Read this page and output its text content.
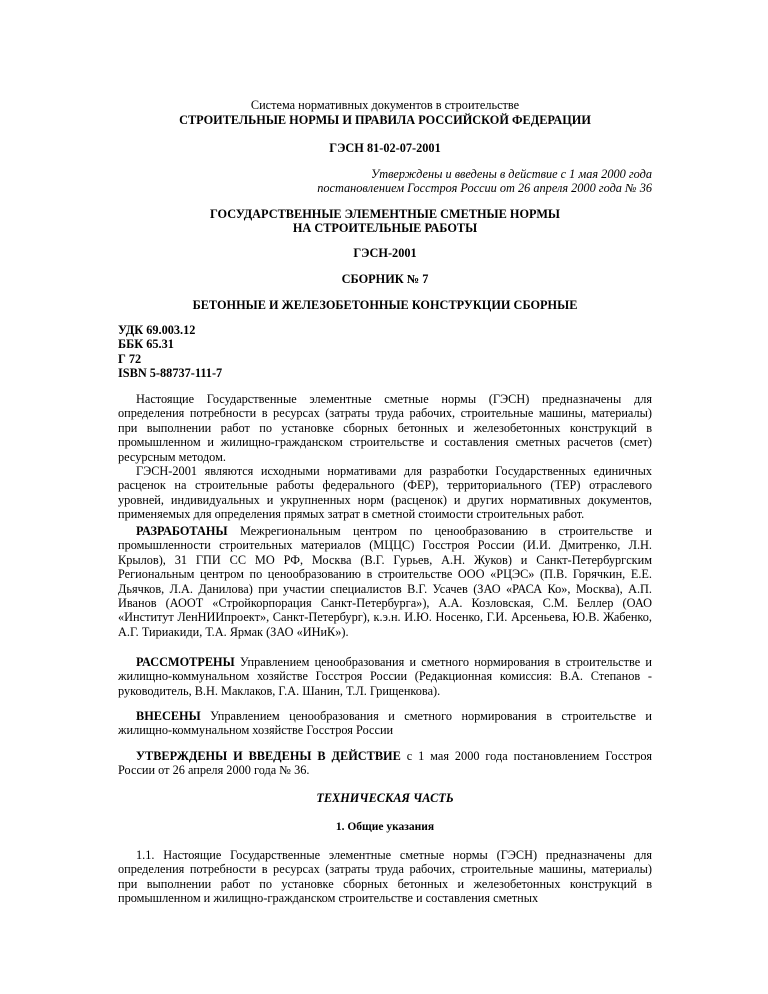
Система нормативных документов в строительстве
СТРОИТЕЛЬНЫЕ НОРМЫ И ПРАВИЛА РОССИЙСКОЙ ФЕДЕРАЦИИ
ГЭСН 81-02-07-2001
Утверждены и введены в действие с 1 мая 2000 года
постановлением Госстроя России от 26 апреля 2000 года № 36
ГОСУДАРСТВЕННЫЕ ЭЛЕМЕНТНЫЕ СМЕТНЫЕ НОРМЫ
НА СТРОИТЕЛЬНЫЕ РАБОТЫ
ГЭСН-2001
СБОРНИК № 7
БЕТОННЫЕ И ЖЕЛЕЗОБЕТОННЫЕ КОНСТРУКЦИИ СБОРНЫЕ
УДК 69.003.12
ББК 65.31
Г 72
ISBN 5-88737-111-7

Настоящие Государственные элементные сметные нормы (ГЭСН) предназначены для определения потребности в ресурсах (затраты труда рабочих, строительные машины, материалы) при выполнении работ по установке сборных бетонных и железобетонных конструкций в промышленном и жилищно-гражданском строительстве и составления сметных расчетов (смет) ресурсным методом.

ГЭСН-2001 являются исходными нормативами для разработки Государственных единичных расценок на строительные работы федерального (ФЕР), территориального (ТЕР) отраслевого уровней, индивидуальных и укрупненных норм (расценок) и других нормативных документов, применяемых для определения прямых затрат в сметной стоимости строительных работ.

РАЗРАБОТАНЫ Межрегиональным центром по ценообразованию в строительстве и промышленности строительных материалов (МЦЦС) Госстроя России (И.И. Дмитренко, Л.Н. Крылов), 31 ГПИ СС МО РФ, Москва (В.Г. Гурьев, А.Н. Жуков) и Санкт-Петербургским Региональным центром по ценообразованию в строительстве ООО «РЦЭС» (П.В. Горячкин, Е.Е. Дьячков, Л.А. Данилова) при участии специалистов В.Г. Усачев (ЗАО «РАСА Ко», Москва), А.П. Иванов (АООТ «Стройкорпорация Санкт-Петербурга»), А.А. Козловская, С.М. Беллер (ОАО «Институт ЛенНИИпроект», Санкт-Петербург), к.э.н. И.Ю. Носенко, Г.И. Арсеньева, Ю.В. Жабенко, А.Г. Тириакиди, Т.А. Ярмак (ЗАО «ИНиК»).

РАССМОТРЕНЫ Управлением ценообразования и сметного нормирования в строительстве и жилищно-коммунальном хозяйстве Госстроя России (Редакционная комиссия: В.А. Степанов - руководитель, В.Н. Маклаков, Г.А. Шанин, Т.Л. Грищенкова).

ВНЕСЕНЫ Управлением ценообразования и сметного нормирования в строительстве и жилищно-коммунальном хозяйстве Госстроя России

УТВЕРЖДЕНЫ И ВВЕДЕНЫ В ДЕЙСТВИЕ с 1 мая 2000 года постановлением Госстроя России от 26 апреля 2000 года № 36.

ТЕХНИЧЕСКАЯ ЧАСТЬ
1. Общие указания

1.1. Настоящие Государственные элементные сметные нормы (ГЭСН) предназначены для определения потребности в ресурсах (затраты труда рабочих, строительные машины, материалы) при выполнении работ по установке сборных бетонных и железобетонных конструкций в промышленном и жилищно-гражданском строительстве и составления сметных
